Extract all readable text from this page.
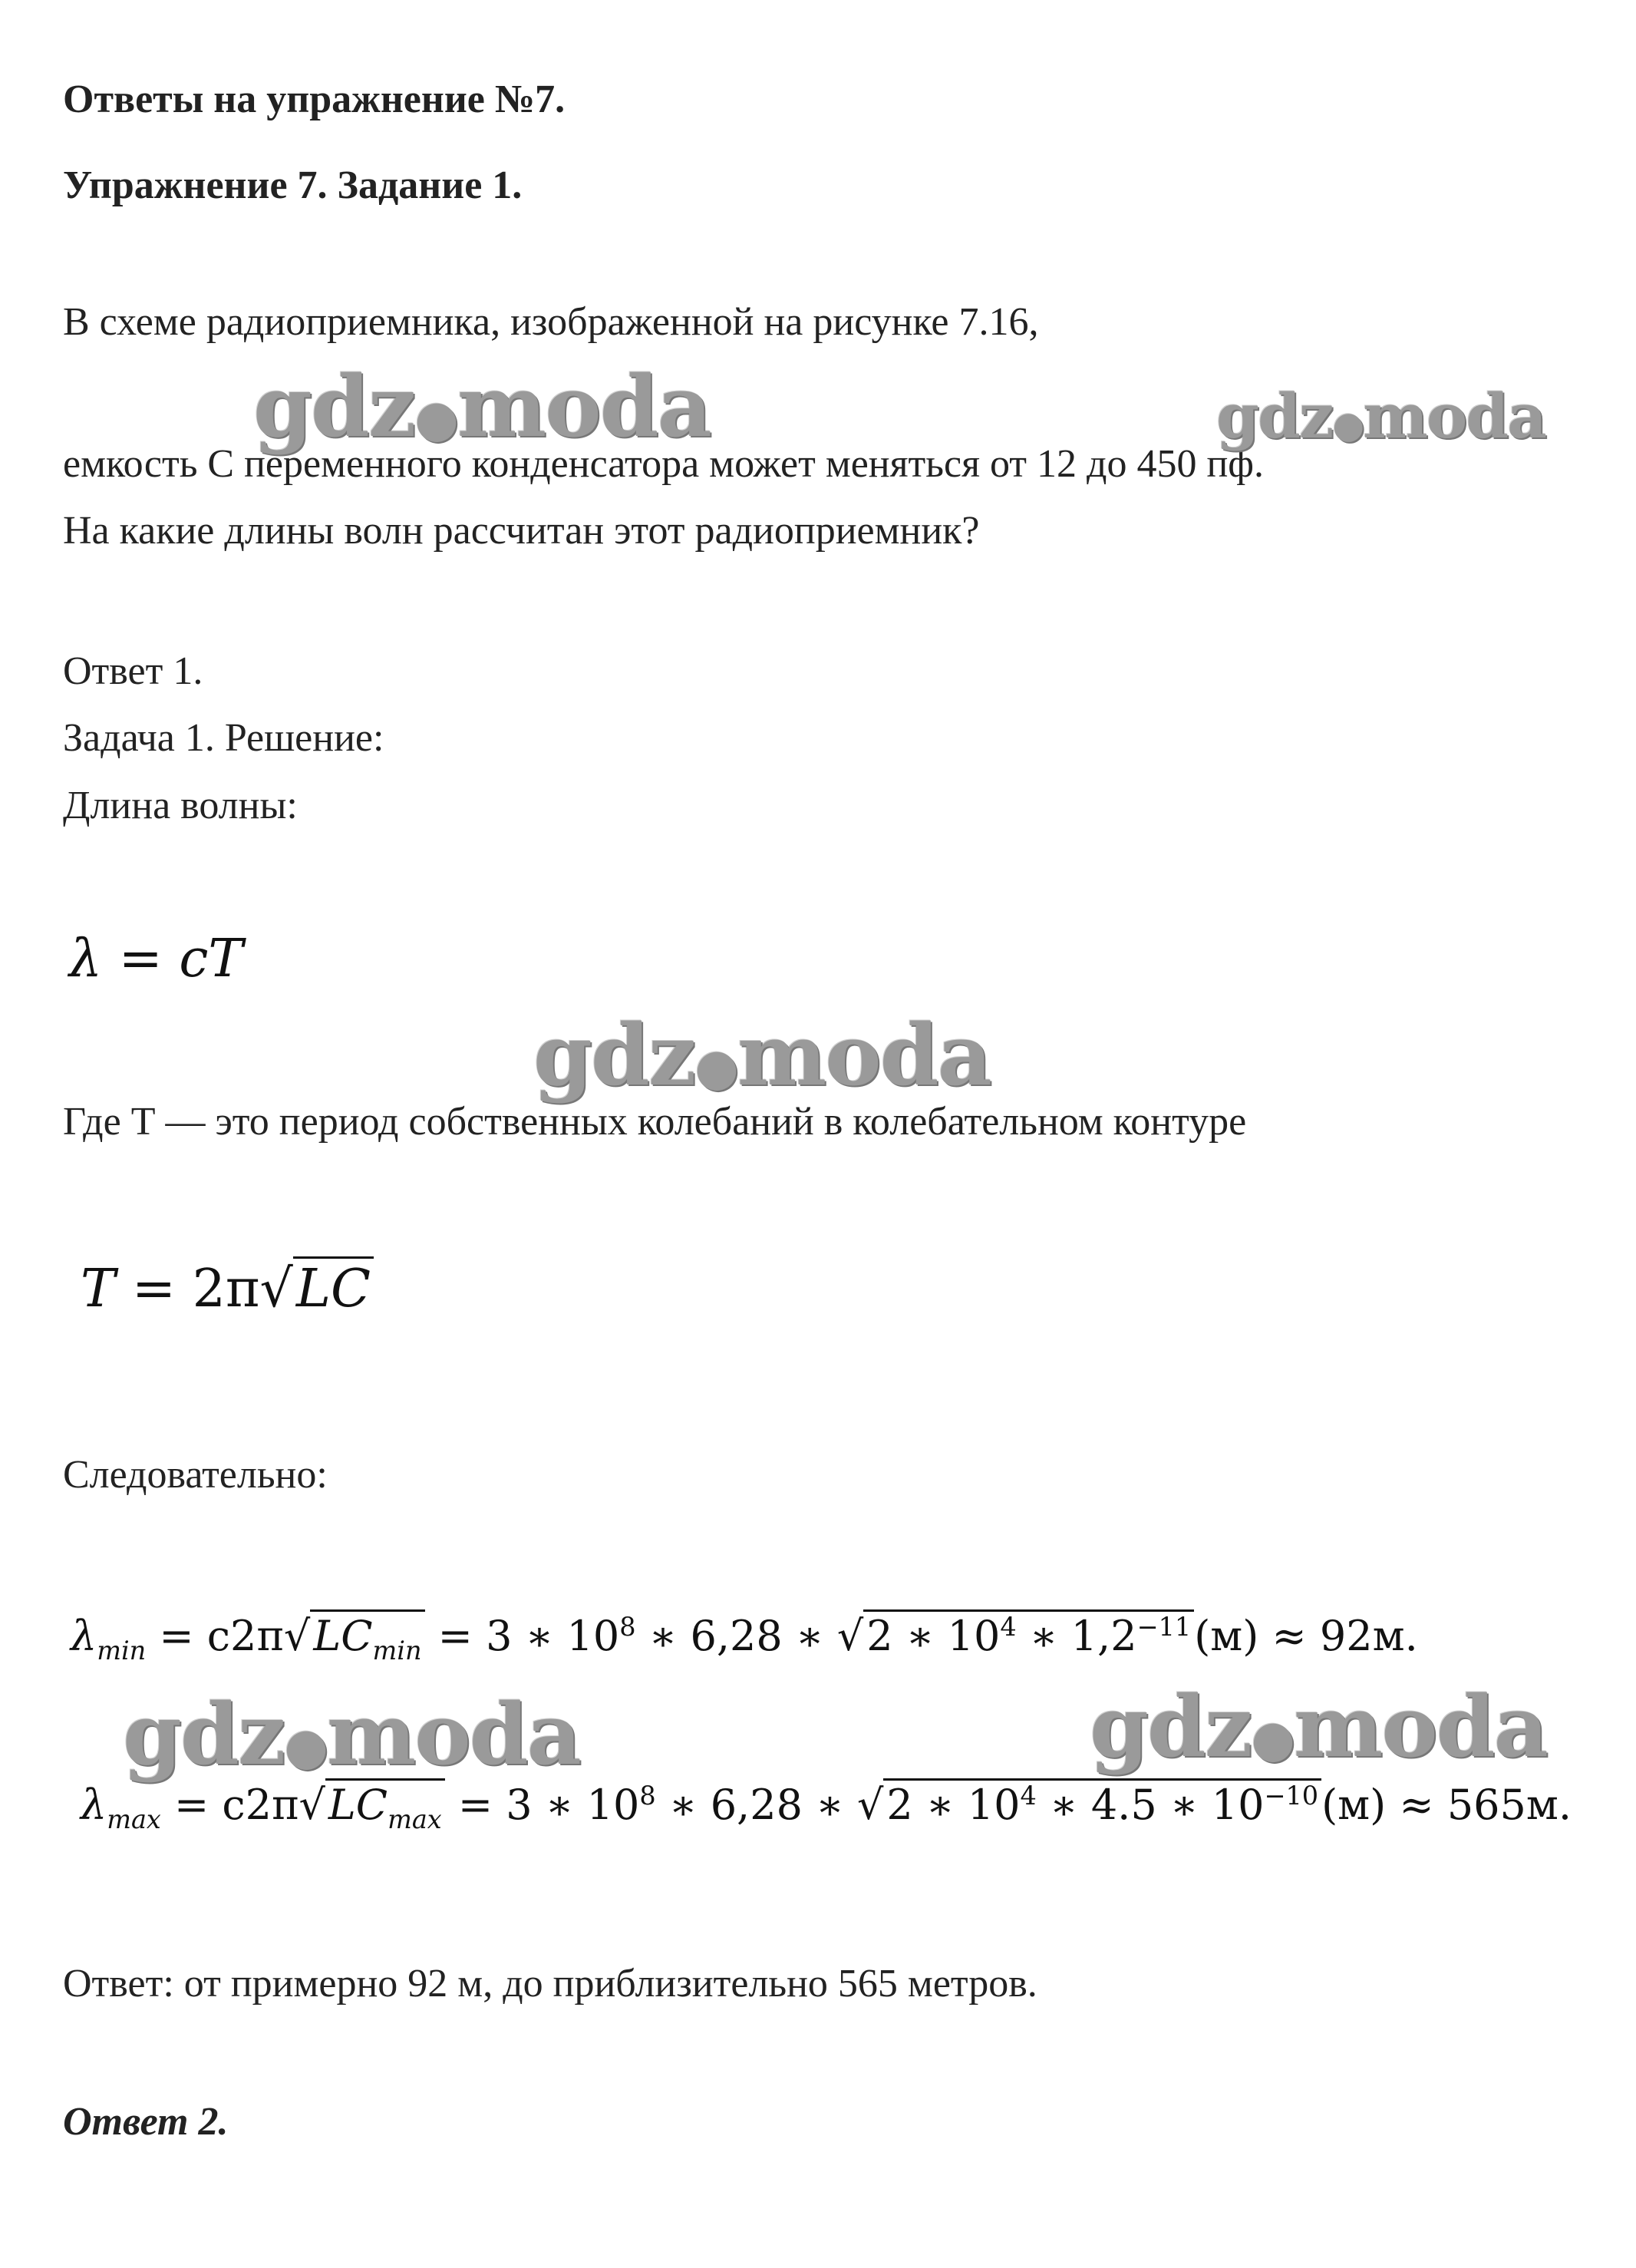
Ответы на упражнение №7.
Упражнение 7. Задание 1.
В схеме радиоприемника, изображенной на рисунке 7.16,
емкость С переменного конденсатора может меняться от 12 до 450 пф.
На какие длины волн рассчитан этот радиоприемник?
Ответ 1.
Задача 1. Решение:
Длина волны:
λ = cT
Где Т — это период собственных колебаний в колебательном контуре
T = 2π√LC
Следовательно:
$\lambda_{min} = c2\pi√LC_{min} = 3$ ∗ $10^8$ ∗ 6,28 ∗ √2 ∗ $10^4$ ∗ $1,2^{-11}(м) \approx 92м$.
$\lambda_{max} = c2\pi√LC_{max} = 3$ ∗ $10^8$ ∗ 6,28 ∗ √2 ∗ $10^4$ ∗ 4.5 ∗ $10^{-10}(м) \approx 565м$.
Ответ: от примерно 92 м, до приблизительно 565 метров.
Ответ 2.
gdz●moda	gdz●moda
gdz●moda
gdz●moda	gdz●moda
